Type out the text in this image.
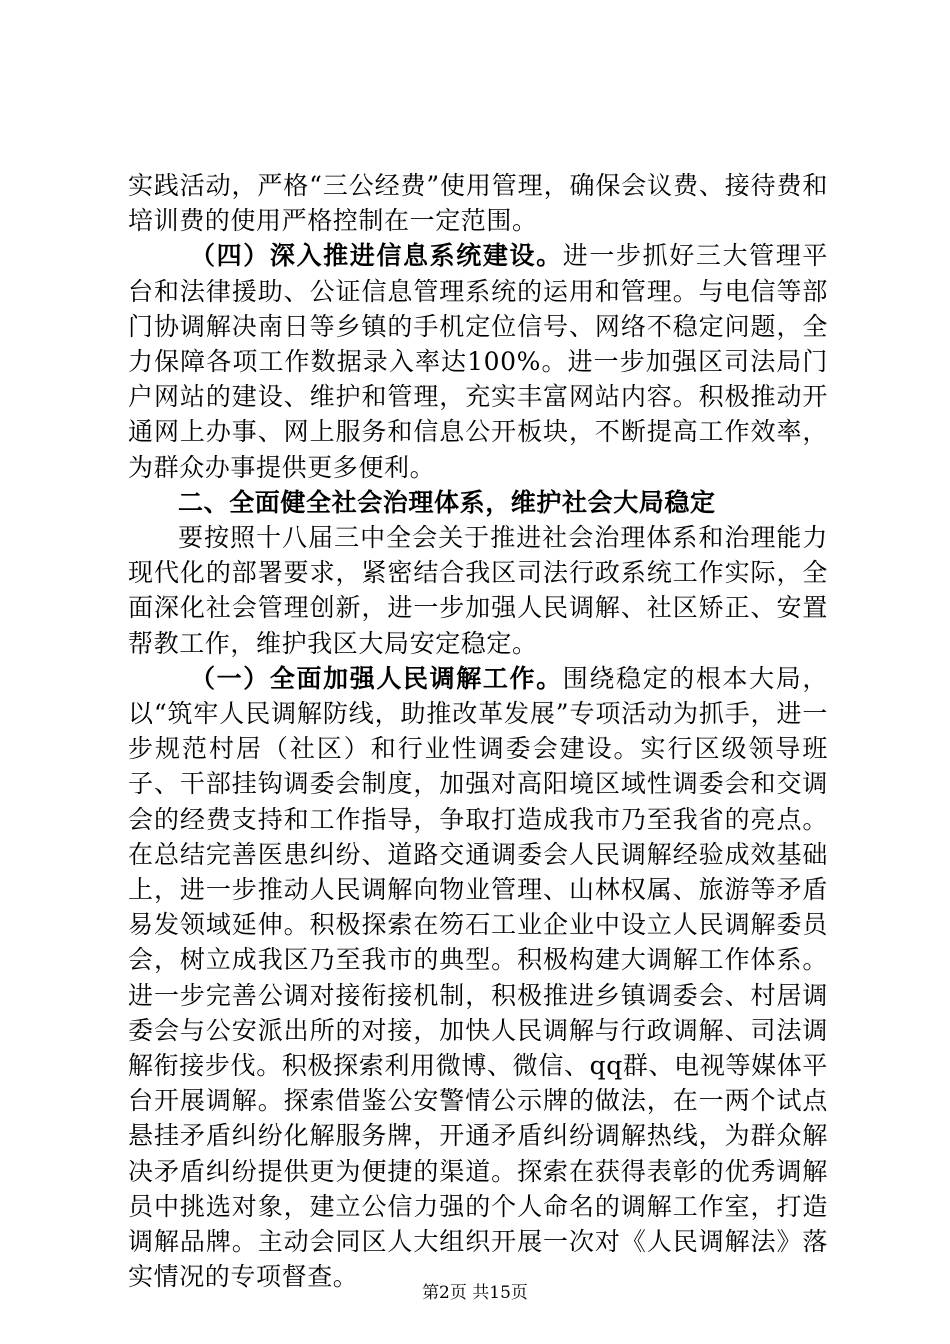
实践活动，严格“三公经费”使用管理，确保会议费、接待费和培训费的使用严格控制在一定范围。

（四）深入推进信息系统建设。进一步抓好三大管理平台和法律援助、公证信息管理系统的运用和管理。与电信等部门协调解决南日等乡镇的手机定位信号、网络不稳定问题，全力保障各项工作数据录入率达100%。进一步加强区司法局门户网站的建设、维护和管理，充实丰富网站内容。积极推动开通网上办事、网上服务和信息公开板块，不断提高工作效率，为群众办事提供更多便利。

二、全面健全社会治理体系，维护社会大局稳定

要按照十八届三中全会关于推进社会治理体系和治理能力现代化的部署要求，紧密结合我区司法行政系统工作实际，全面深化社会管理创新，进一步加强人民调解、社区矫正、安置帮教工作，维护我区大局安定稳定。

（一）全面加强人民调解工作。围绕稳定的根本大局，以“筑牢人民调解防线，助推改革发展”专项活动为抓手，进一步规范村居（社区）和行业性调委会建设。实行区级领导班子、干部挂钩调委会制度，加强对高阳境区域性调委会和交调会的经费支持和工作指导，争取打造成我市乃至我省的亮点。在总结完善医患纠纷、道路交通调委会人民调解经验成效基础上，进一步推动人民调解向物业管理、山林权属、旅游等矛盾易发领域延伸。积极探索在笏石工业企业中设立人民调解委员会，树立成我区乃至我市的典型。积极构建大调解工作体系。进一步完善公调对接衔接机制，积极推进乡镇调委会、村居调委会与公安派出所的对接，加快人民调解与行政调解、司法调解衔接步伐。积极探索利用微博、微信、qq群、电视等媒体平台开展调解。探索借鉴公安警情公示牌的做法，在一两个试点悬挂矛盾纠纷化解服务牌，开通矛盾纠纷调解热线，为群众解决矛盾纠纷提供更为便捷的渠道。探索在获得表彰的优秀调解员中挑选对象，建立公信力强的个人命名的调解工作室，打造调解品牌。主动会同区人大组织开展一次对《人民调解法》落实情况的专项督查。

第2页 共15页
